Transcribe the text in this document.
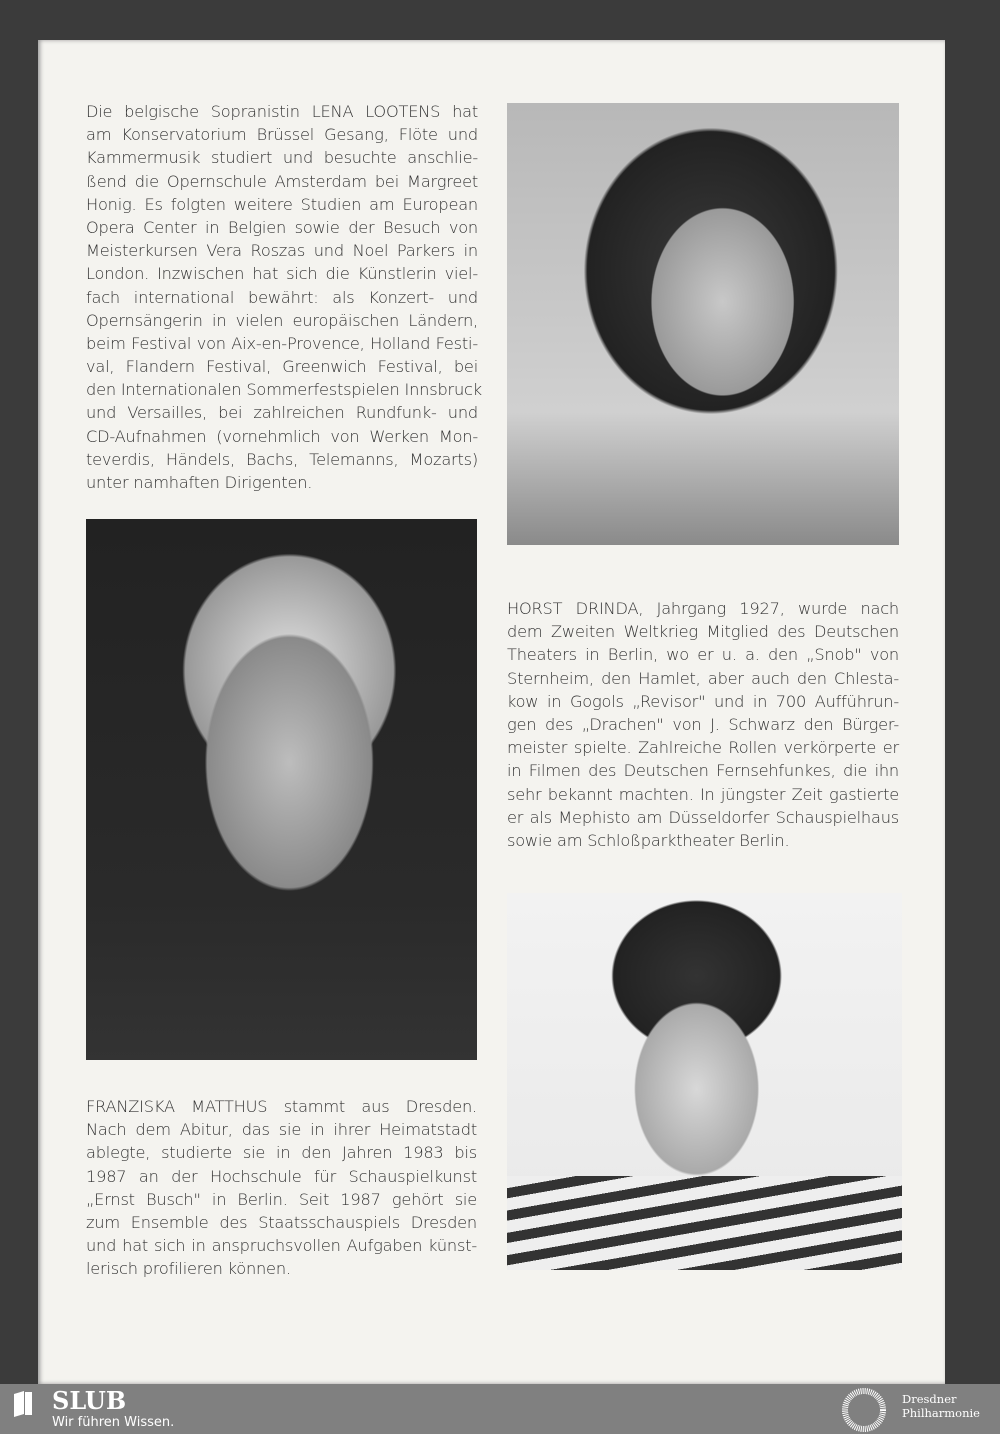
Die belgische Sopranistin LENA LOOTENS hat
am Konservatorium Brüssel Gesang, Flöte und
Kammermusik studiert und besuchte anschlie-
ßend die Opernschule Amsterdam bei Margreet
Honig. Es folgten weitere Studien am European
Opera Center in Belgien sowie der Besuch von
Meisterkursen Vera Roszas und Noel Parkers in
London. Inzwischen hat sich die Künstlerin viel-
fach international bewährt: als Konzert- und
Opernsängerin in vielen europäischen Ländern,
beim Festival von Aix-en-Provence, Holland Festi-
val, Flandern Festival, Greenwich Festival, bei
den Internationalen Sommerfestspielen Innsbruck
und Versailles, bei zahlreichen Rundfunk- und
CD-Aufnahmen (vornehmlich von Werken Mon-
teverdis, Händels, Bachs, Telemanns, Mozarts)
unter namhaften Dirigenten.
HORST DRINDA, Jahrgang 1927, wurde nach
dem Zweiten Weltkrieg Mitglied des Deutschen
Theaters in Berlin, wo er u. a. den „Snob" von
Sternheim, den Hamlet, aber auch den Chlesta-
kow in Gogols „Revisor" und in 700 Aufführun-
gen des „Drachen" von J. Schwarz den Bürger-
meister spielte. Zahlreiche Rollen verkörperte er
in Filmen des Deutschen Fernsehfunkes, die ihn
sehr bekannt machten. In jüngster Zeit gastierte
er als Mephisto am Düsseldorfer Schauspielhaus
sowie am Schloßparktheater Berlin.
FRANZISKA MATTHUS stammt aus Dresden.
Nach dem Abitur, das sie in ihrer Heimatstadt
ablegte, studierte sie in den Jahren 1983 bis
1987 an der Hochschule für Schauspielkunst
„Ernst Busch" in Berlin. Seit 1987 gehört sie
zum Ensemble des Staatsschauspiels Dresden
und hat sich in anspruchsvollen Aufgaben künst-
lerisch profilieren können.
SLUB
Wir führen Wissen.
Dresdner
Philharmonie
